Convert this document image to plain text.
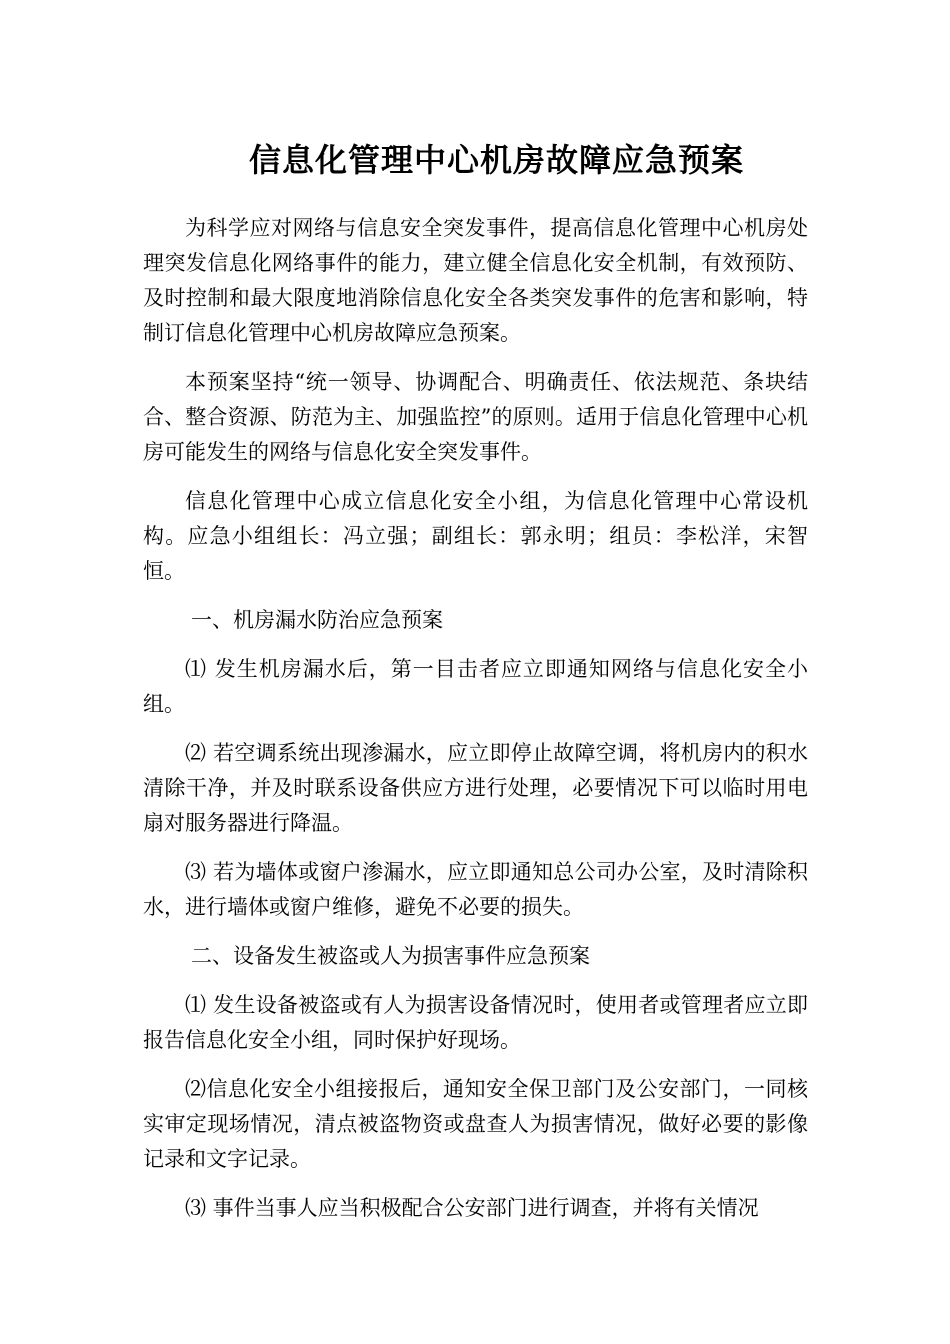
信息化管理中心机房故障应急预案

为科学应对网络与信息安全突发事件，提高信息化管理中心机房处理突发信息化网络事件的能力，建立健全信息化安全机制，有效预防、及时控制和最大限度地消除信息化安全各类突发事件的危害和影响，特制订信息化管理中心机房故障应急预案。

本预案坚持“统一领导、协调配合、明确责任、依法规范、条块结合、整合资源、防范为主、加强监控”的原则。适用于信息化管理中心机房可能发生的网络与信息化安全突发事件。

信息化管理中心成立信息化安全小组，为信息化管理中心常设机构。应急小组组长：冯立强；副组长：郭永明；组员：李松洋，宋智恒。

一、机房漏水防治应急预案

⑴ 发生机房漏水后，第一目击者应立即通知网络与信息化安全小组。

⑵ 若空调系统出现渗漏水，应立即停止故障空调，将机房内的积水清除干净，并及时联系设备供应方进行处理，必要情况下可以临时用电扇对服务器进行降温。

⑶ 若为墙体或窗户渗漏水，应立即通知总公司办公室，及时清除积水，进行墙体或窗户维修，避免不必要的损失。

二、设备发生被盗或人为损害事件应急预案

⑴ 发生设备被盗或有人为损害设备情况时，使用者或管理者应立即报告信息化安全小组，同时保护好现场。

⑵信息化安全小组接报后，通知安全保卫部门及公安部门，一同核实审定现场情况，清点被盗物资或盘查人为损害情况，做好必要的影像记录和文字记录。

⑶ 事件当事人应当积极配合公安部门进行调查，并将有关情况
